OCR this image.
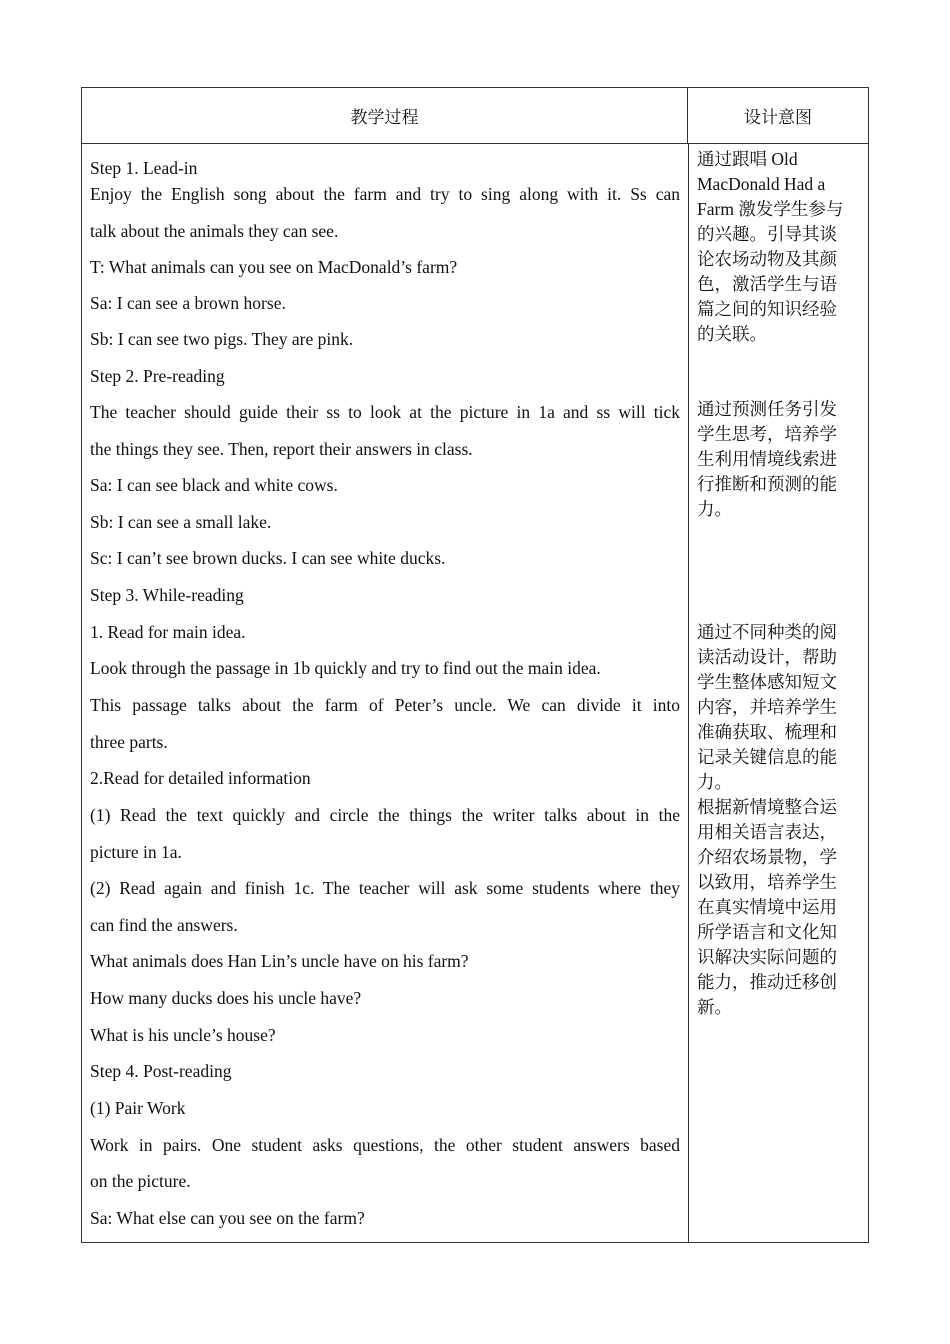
教学过程	设计意图
Step 1. Lead-in
Enjoy the English song about the farm and try to sing along with it. Ss can
talk about the animals they can see.
T: What animals can you see on MacDonald’s farm?
Sa: I can see a brown horse.
Sb: I can see two pigs. They are pink.
Step 2. Pre-reading
The teacher should guide their ss to look at the picture in 1a and ss will tick
the things they see. Then, report their answers in class.
Sa: I can see black and white cows.
Sb: I can see a small lake.
Sc: I can’t see brown ducks. I can see white ducks.
Step 3. While-reading
1. Read for main idea.
Look through the passage in 1b quickly and try to find out the main idea.
This passage talks about the farm of Peter’s uncle. We can divide it into
three parts.
2.Read for detailed information
(1) Read the text quickly and circle the things the writer talks about in the
picture in 1a.
(2) Read again and finish 1c. The teacher will ask some students where they
can find the answers.
What animals does Han Lin’s uncle have on his farm?
How many ducks does his uncle have?
What is his uncle’s house?
Step 4. Post-reading
(1) Pair Work
Work in pairs. One student asks questions, the other student answers based
on the picture.
Sa: What else can you see on the farm?
通过跟唱 Old
MacDonald Had a
Farm 激发学生参与
的兴趣。引导其谈
论农场动物及其颜
色，激活学生与语
篇之间的知识经验
的关联。
通过预测任务引发
学生思考，培养学
生利用情境线索进
行推断和预测的能
力。
通过不同种类的阅
读活动设计，帮助
学生整体感知短文
内容，并培养学生
准确获取、梳理和
记录关键信息的能
力。
根据新情境整合运
用相关语言表达，
介绍农场景物，学
以致用，培养学生
在真实情境中运用
所学语言和文化知
识解决实际问题的
能力，推动迁移创
新。
